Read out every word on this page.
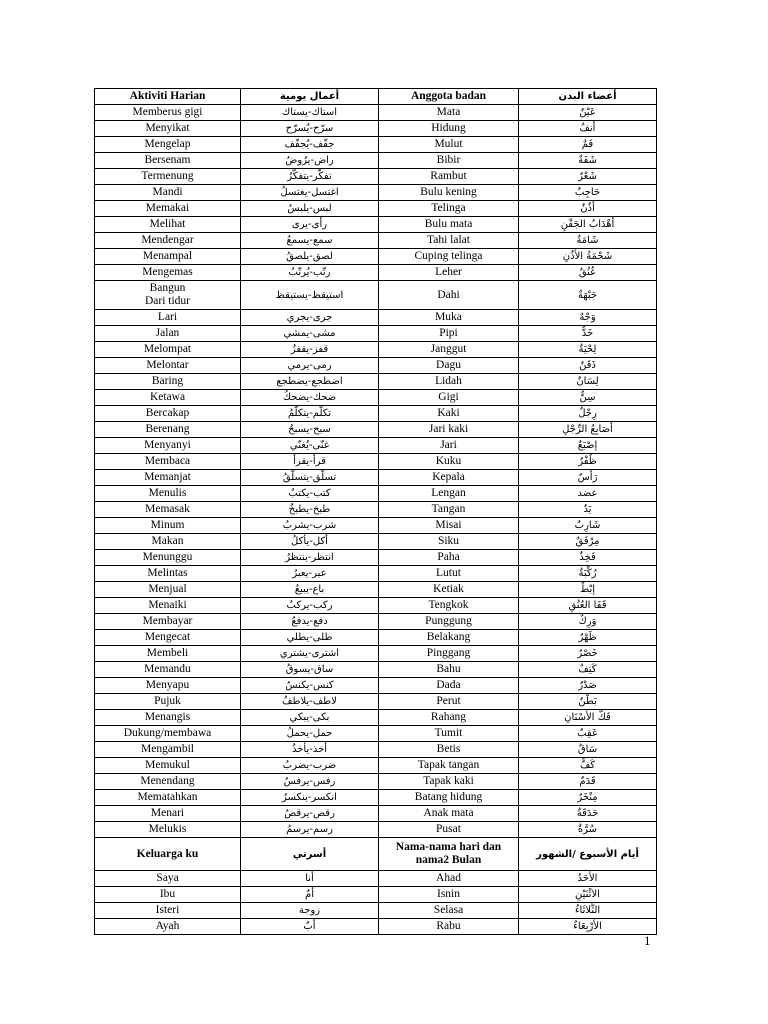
Aktiviti Harian	أعمال يومية	Anggota badan	أعضاء البدن
Memberus gigi	استاك-يستاك	Mata	عَيْنٌ
Menyikat	سرّح-يُسرّح	Hidung	أنفٌ
Mengelap	جفّف-يُجفّف	Mulut	فَمٌ
Bersenam	راض-يرُوضُ	Bibir	شَفَةٌ
Termenung	تفكّر-يتفكّرُ	Rambut	شَعْرٌ
Mandi	اغتسل-يغتسلُ	Bulu kening	حَاجِبٌ
Memakai	لبس-يلبسُ	Telinga	أُذُنٌ
Melihat	رأى-يرى	Bulu mata	أهْدَابُ الجَفْنِ
Mendengar	سمع-يسمعُ	Tahi lalat	شَامَةٌ
Menampal	لصق-يلصقُ	Cuping telinga	شَحْمَةُ الأُذُنِ
Mengemas	رتّب-يُرتّبُ	Leher	عُنُقٌ
Bangun
Dari tidur	استيقظ-يستيقظ	Dahi	جَبْهَةٌ
Lari	جرى-يجري	Muka	وَجْهٌ
Jalan	مشى-يمشي	Pipi	خَدٌّ
Melompat	قفز-يقفزُ	Janggut	لِحْيَةٌ
Melontar	رمى-يرمي	Dagu	ذَقَنٌ
Baring	اضطجع-يضطجع	Lidah	لِسَانٌ
Ketawa	ضحك-يضحكُ	Gigi	سِنٌّ
Bercakap	تكلّم-يتكلّمُ	Kaki	رِجْلٌ
Berenang	سبح-يسبحُ	Jari kaki	أصَابِعُ الرِّجْلِ
Menyanyi	غنّى-يُغنّي	Jari	إصْبَعٌ
Membaca	قرأ-يقرأُ	Kuku	ظُفْرٌ
Memanjat	تسلّق-يتسلّقُ	Kepala	رَأْسٌ
Menulis	كتب-يكتبُ	Lengan	عضد
Memasak	طبخ-يطبخُ	Tangan	يَدٌ
Minum	شرب-يشربُ	Misai	شَارِبٌ
Makan	أكل-يأكلُ	Siku	مِرْفَقٌ
Menunggu	انتظر-ينتظرُ	Paha	فَخِذٌ
Melintas	عبر-يعبرُ	Lutut	رُكْبَةٌ
Menjual	باع-يبيعُ	Ketiak	إبْطٌ
Menaiki	ركب-يركبُ	Tengkok	قَفَا العُنُقِ
Membayar	دفع-يدفعُ	Punggung	وَرِكٌ
Mengecat	طلى-يطلي	Belakang	ظَهْرٌ
Membeli	اشترى-يشتري	Pinggang	خَصْرٌ
Memandu	ساق-يسوقُ	Bahu	كَتِفٌ
Menyapu	كنس-يكنسُ	Dada	صَدْرٌ
Pujuk	لاطف-يلاطفُ	Perut	بَطْنٌ
Menangis	بكى-يبكي	Rahang	فَكُّ الأَسْنَانِ
Dukung/membawa	حمل-يحملُ	Tumit	عَقِبٌ
Mengambil	أخذ-يأخذُ	Betis	سَاقٌ
Memukul	ضرب-يضربُ	Tapak tangan	كَفٌّ
Menendang	رفس-يرفسُ	Tapak kaki	قَدَمٌ
Mematahkan	انكسر-ينكسرُ	Batang hidung	مِنْخَرٌ
Menari	رقص-يرقصُ	Anak mata	حَدَقَةٌ
Melukis	رسم-يرسمُ	Pusat	سُرَّةٌ
Keluarga ku	أسرتي	Nama-nama hari dan nama2 Bulan	أيام الأسبوع /الشهور
Saya	أنا	Ahad	الأَحَدُ
Ibu	أمٌ	Isnin	الاثْنَيْنِ
Isteri	زوجة	Selasa	الثُّلاثَاءُ
Ayah	أبٌ	Rabu	الأَرْبِعَاءُ
1
